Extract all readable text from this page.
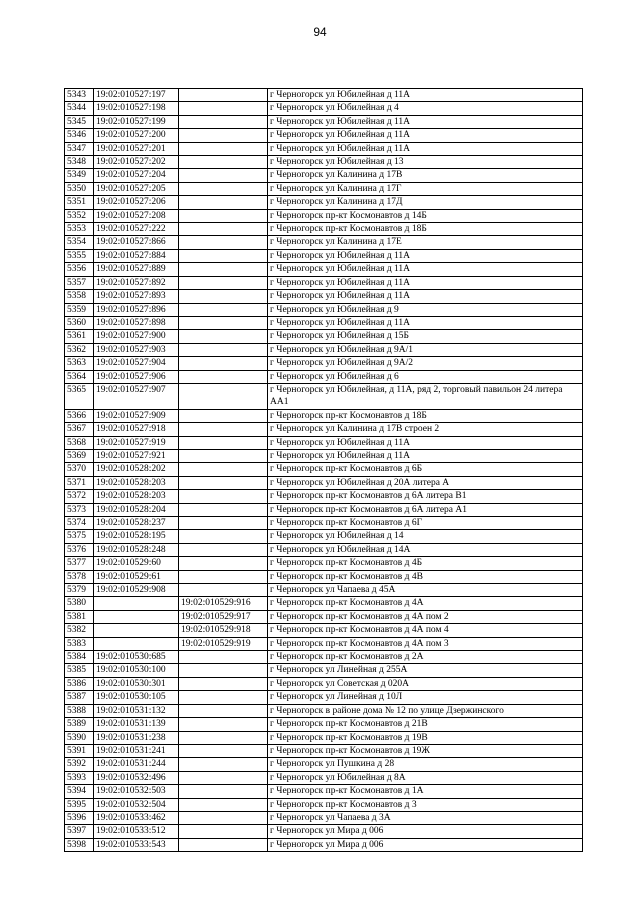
94
5343	19:02:010527:197		г Черногорск ул Юбилейная д 11А
5344	19:02:010527:198		г Черногорск ул Юбилейная д 4
5345	19:02:010527:199		г Черногорск ул Юбилейная д 11А
5346	19:02:010527:200		г Черногорск ул Юбилейная д 11А
5347	19:02:010527:201		г Черногорск ул Юбилейная д 11А
5348	19:02:010527:202		г Черногорск ул Юбилейная д 13
5349	19:02:010527:204		г Черногорск ул Калинина д 17В
5350	19:02:010527:205		г Черногорск ул Калинина д 17Г
5351	19:02:010527:206		г Черногорск ул Калинина д 17Д
5352	19:02:010527:208		г Черногорск пр-кт Космонавтов д 14Б
5353	19:02:010527:222		г Черногорск пр-кт Космонавтов д 18Б
5354	19:02:010527:866		г Черногорск ул Калинина д 17Е
5355	19:02:010527:884		г Черногорск ул Юбилейная д 11А
5356	19:02:010527:889		г Черногорск ул Юбилейная д 11А
5357	19:02:010527:892		г Черногорск ул Юбилейная д 11А
5358	19:02:010527:893		г Черногорск ул Юбилейная д 11А
5359	19:02:010527:896		г Черногорск ул Юбилейная д 9
5360	19:02:010527:898		г Черногорск ул Юбилейная д 11А
5361	19:02:010527:900		г Черногорск ул Юбилейная д 15Б
5362	19:02:010527:903		г Черногорск ул Юбилейная д 9А/1
5363	19:02:010527:904		г Черногорск ул Юбилейная д 9А/2
5364	19:02:010527:906		г Черногорск ул Юбилейная д 6
5365	19:02:010527:907		г Черногорск ул Юбилейная, д 11А, ряд 2, торговый павильон 24 литера АА1
5366	19:02:010527:909		г Черногорск пр-кт Космонавтов д 18Б
5367	19:02:010527:918		г Черногорск ул Калинина д 17В строен 2
5368	19:02:010527:919		г Черногорск ул Юбилейная д 11А
5369	19:02:010527:921		г Черногорск ул Юбилейная д 11А
5370	19:02:010528:202		г Черногорск пр-кт Космонавтов д 6Б
5371	19:02:010528:203		г Черногорск ул Юбилейная д 20А литера А
5372	19:02:010528:203		г Черногорск пр-кт Космонавтов д 6А литера В1
5373	19:02:010528:204		г Черногорск пр-кт Космонавтов д 6А литера А1
5374	19:02:010528:237		г Черногорск пр-кт Космонавтов д 6Г
5375	19:02:010528:195		г Черногорск ул Юбилейная д 14
5376	19:02:010528:248		г Черногорск ул Юбилейная д 14А
5377	19:02:010529:60		г Черногорск пр-кт Космонавтов д 4Б
5378	19:02:010529:61		г Черногорск пр-кт Космонавтов д 4В
5379	19:02:010529:908		г Черногорск ул Чапаева д 45А
5380		19:02:010529:916	г Черногорск пр-кт Космонавтов д 4А
5381		19:02:010529:917	г Черногорск пр-кт Космонавтов д 4А пом 2
5382		19:02:010529:918	г Черногорск пр-кт Космонавтов д 4А пом 4
5383		19:02:010529:919	г Черногорск пр-кт Космонавтов д 4А пом 3
5384	19:02:010530:685		г Черногорск пр-кт Космонавтов д 2А
5385	19:02:010530:100		г Черногорск ул Линейная д 255А
5386	19:02:010530:301		г Черногорск ул Советская д 020А
5387	19:02:010530:105		г Черногорск ул Линейная д 10Л
5388	19:02:010531:132		г Черногорск в районе дома № 12 по улице Дзержинского
5389	19:02:010531:139		г Черногорск пр-кт Космонавтов д 21В
5390	19:02:010531:238		г Черногорск пр-кт Космонавтов д 19В
5391	19:02:010531:241		г Черногорск пр-кт Космонавтов д 19Ж
5392	19:02:010531:244		г Черногорск ул Пушкина д 28
5393	19:02:010532:496		г Черногорск ул Юбилейная д 8А
5394	19:02:010532:503		г Черногорск пр-кт Космонавтов д 1А
5395	19:02:010532:504		г Черногорск пр-кт Космонавтов д 3
5396	19:02:010533:462		г Черногорск ул Чапаева д 3А
5397	19:02:010533:512		г Черногорск ул Мира д 006
5398	19:02:010533:543		г Черногорск ул Мира д 006
